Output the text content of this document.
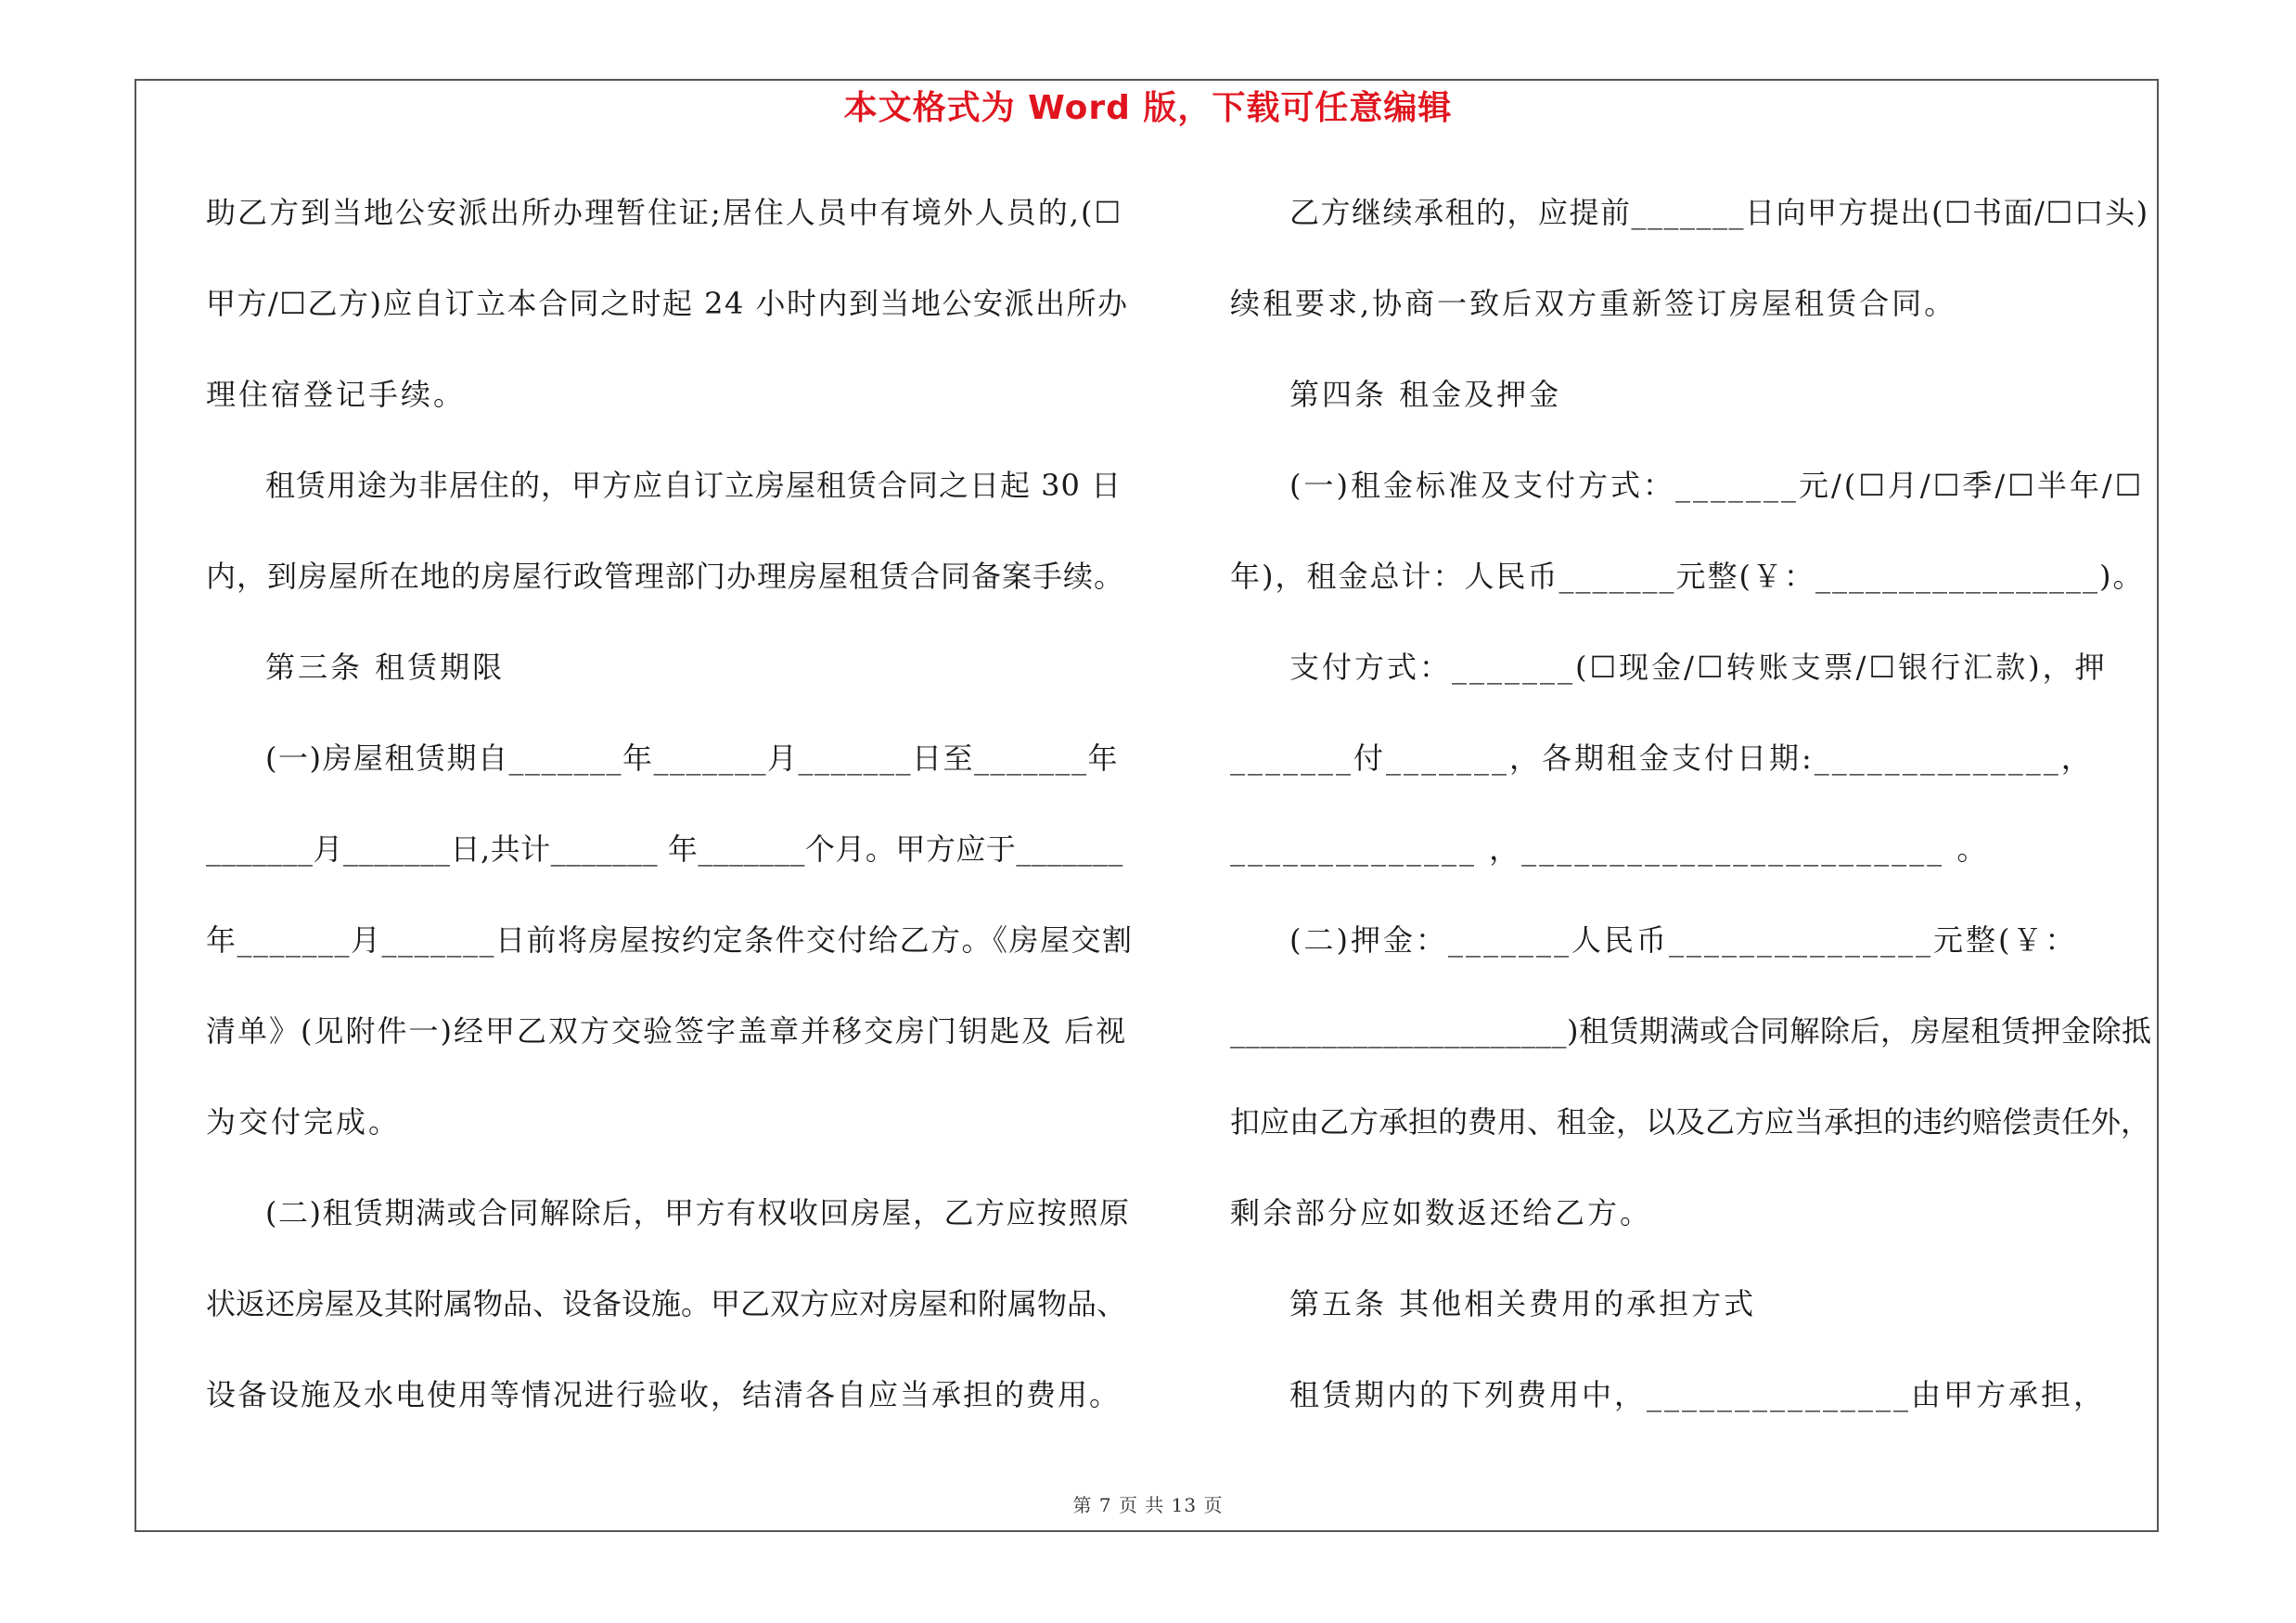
本文格式为 Word 版，下载可任意编辑
助乙方到当地公安派出所办理暂住证;居住人员中有境外人员的,(☐
甲方/☐乙方)应自订立本合同之时起 24 小时内到当地公安派出所办
理住宿登记手续。
租赁用途为非居住的，甲方应自订立房屋租赁合同之日起 30 日
内，到房屋所在地的房屋行政管理部门办理房屋租赁合同备案手续。
第三条 租赁期限
(一)房屋租赁期自_______年_______月_______日至_______年
_______月_______日,共计_______ 年_______个月。甲方应于_______
年_______月_______日前将房屋按约定条件交付给乙方。《房屋交割
清单》(见附件一)经甲乙双方交验签字盖章并移交房门钥匙及 后视
为交付完成。
(二)租赁期满或合同解除后，甲方有权收回房屋，乙方应按照原
状返还房屋及其附属物品、设备设施。甲乙双方应对房屋和附属物品、
设备设施及水电使用等情况进行验收，结清各自应当承担的费用。
乙方继续承租的，应提前_______日向甲方提出(☐书面/☐口头)
续租要求,协商一致后双方重新签订房屋租赁合同。
第四条 租金及押金
(一)租金标准及支付方式：_______元/(☐月/☐季/☐半年/☐
年)，租金总计：人民币_______元整(￥：_________________)。
支付方式：_______(☐现金/☐转账支票/☐银行汇款)，押
_______付_______，各期租金支付日期:______________，
______________ ，________________________ 。
(二)押金：_______人民币_______________元整(￥：
______________________)租赁期满或合同解除后，房屋租赁押金除抵
扣应由乙方承担的费用、租金，以及乙方应当承担的违约赔偿责任外，
剩余部分应如数返还给乙方。
第五条 其他相关费用的承担方式
租赁期内的下列费用中，_______________由甲方承担，
第 7 页 共 13 页
